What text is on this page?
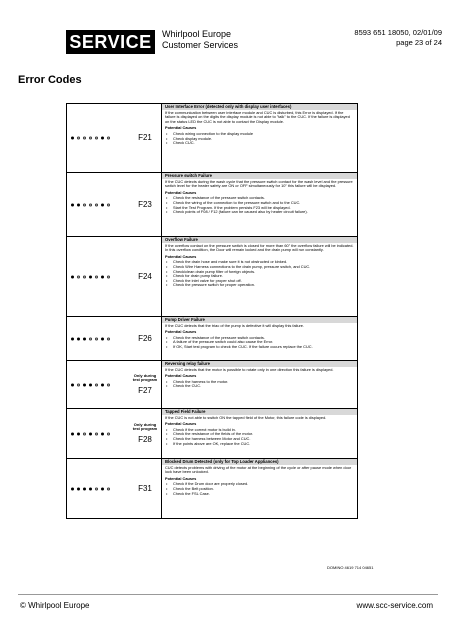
SERVICE	Whirlpool Europe
Customer Services
8593 651 18050, 02/01/09
page 23 of 24
Error Codes
F21
User Interface Error (detected only with display user interfaces)
If the communication between user interface module and CUC is disturbed, this Error is displayed. If the failure is displayed on the digits the display module is not able to "talk" to the CUC. If the failure is displayed on the status LED the CUC is not able to contact the Display module.
Potential Causes
• Check wiring connection to the display module
• Check display module.
• Check CUC.
F23
Pressure switch Failure
If the CUC detects during the wash cycle that the pressure switch contact for the wash level and the pressure switch level for the heater safety are ON or OFF simultaneously for 10" this failure will be displayed.
Potential Causes
• Check the resistance of the pressure switch contacts.
• Check the wiring of the connection to the pressure switch and to the CUC.
• Start the Test Program. If the problem persists F23 will be displayed.
• Check points of F08 / F12 (failure can be caused also by heater circuit failure).
F24
Overflow Failure
If the overflow contact on the pressure switch is closed for more than 60" the overflow failure will be indicated. In this overflow condition, the Door will remain locked and the drain pump will run constantly.
Potential Causes
• Check the drain hose and make sure it is not obstructed or kinked.
• Check Wire Harness connections to the drain pump, pressure switch, and CUC.
• Check/clean drain pump filter of foreign objects.
• Check for drain pump failure.
• Check the inlet valve for proper shut off.
• Check the pressure switch for proper operation.
F26
Pump Driver Failure
If the CUC detects that the triac of the pump is defective it will display this failure.
Potential Causes
• Check the resistance of the pressure switch contacts.
• A failure of the pressure switch could also cause the Error.
• If OK, Start test program to check the CUC. If the failure occurs replace the CUC.
Only during
test program
F27
Reversing relay failure
If the CUC detects that the motor is possible to rotate only in one direction this failure is displayed.
Potential Causes
• Check the harness to the motor.
• Check the CUC.
Only during
test program
F28
Tapped Field Failure
If the CUC is not able to switch ON the tapped field of the Motor, this failure code is displayed.
Potential Causes
• Check if the correct motor is build in.
• Check the resistance of the fields of the motor.
• Check the harness between Motor and CUC.
• If the points above are OK, replace the CUC.
F31
Blocked Drum Detected (only for Top Loader Appliances)
CUC detects problems with driving of the motor at the beginning of the cycle or after pause mode when door lock have been unlocked.
Potential Causes
• Check if the Drum door are properly closed.
• Check the Belt position.
• Check the FSL Case.
DOMINO 4619 714 04651
© Whirlpool Europe	www.scc-service.com
